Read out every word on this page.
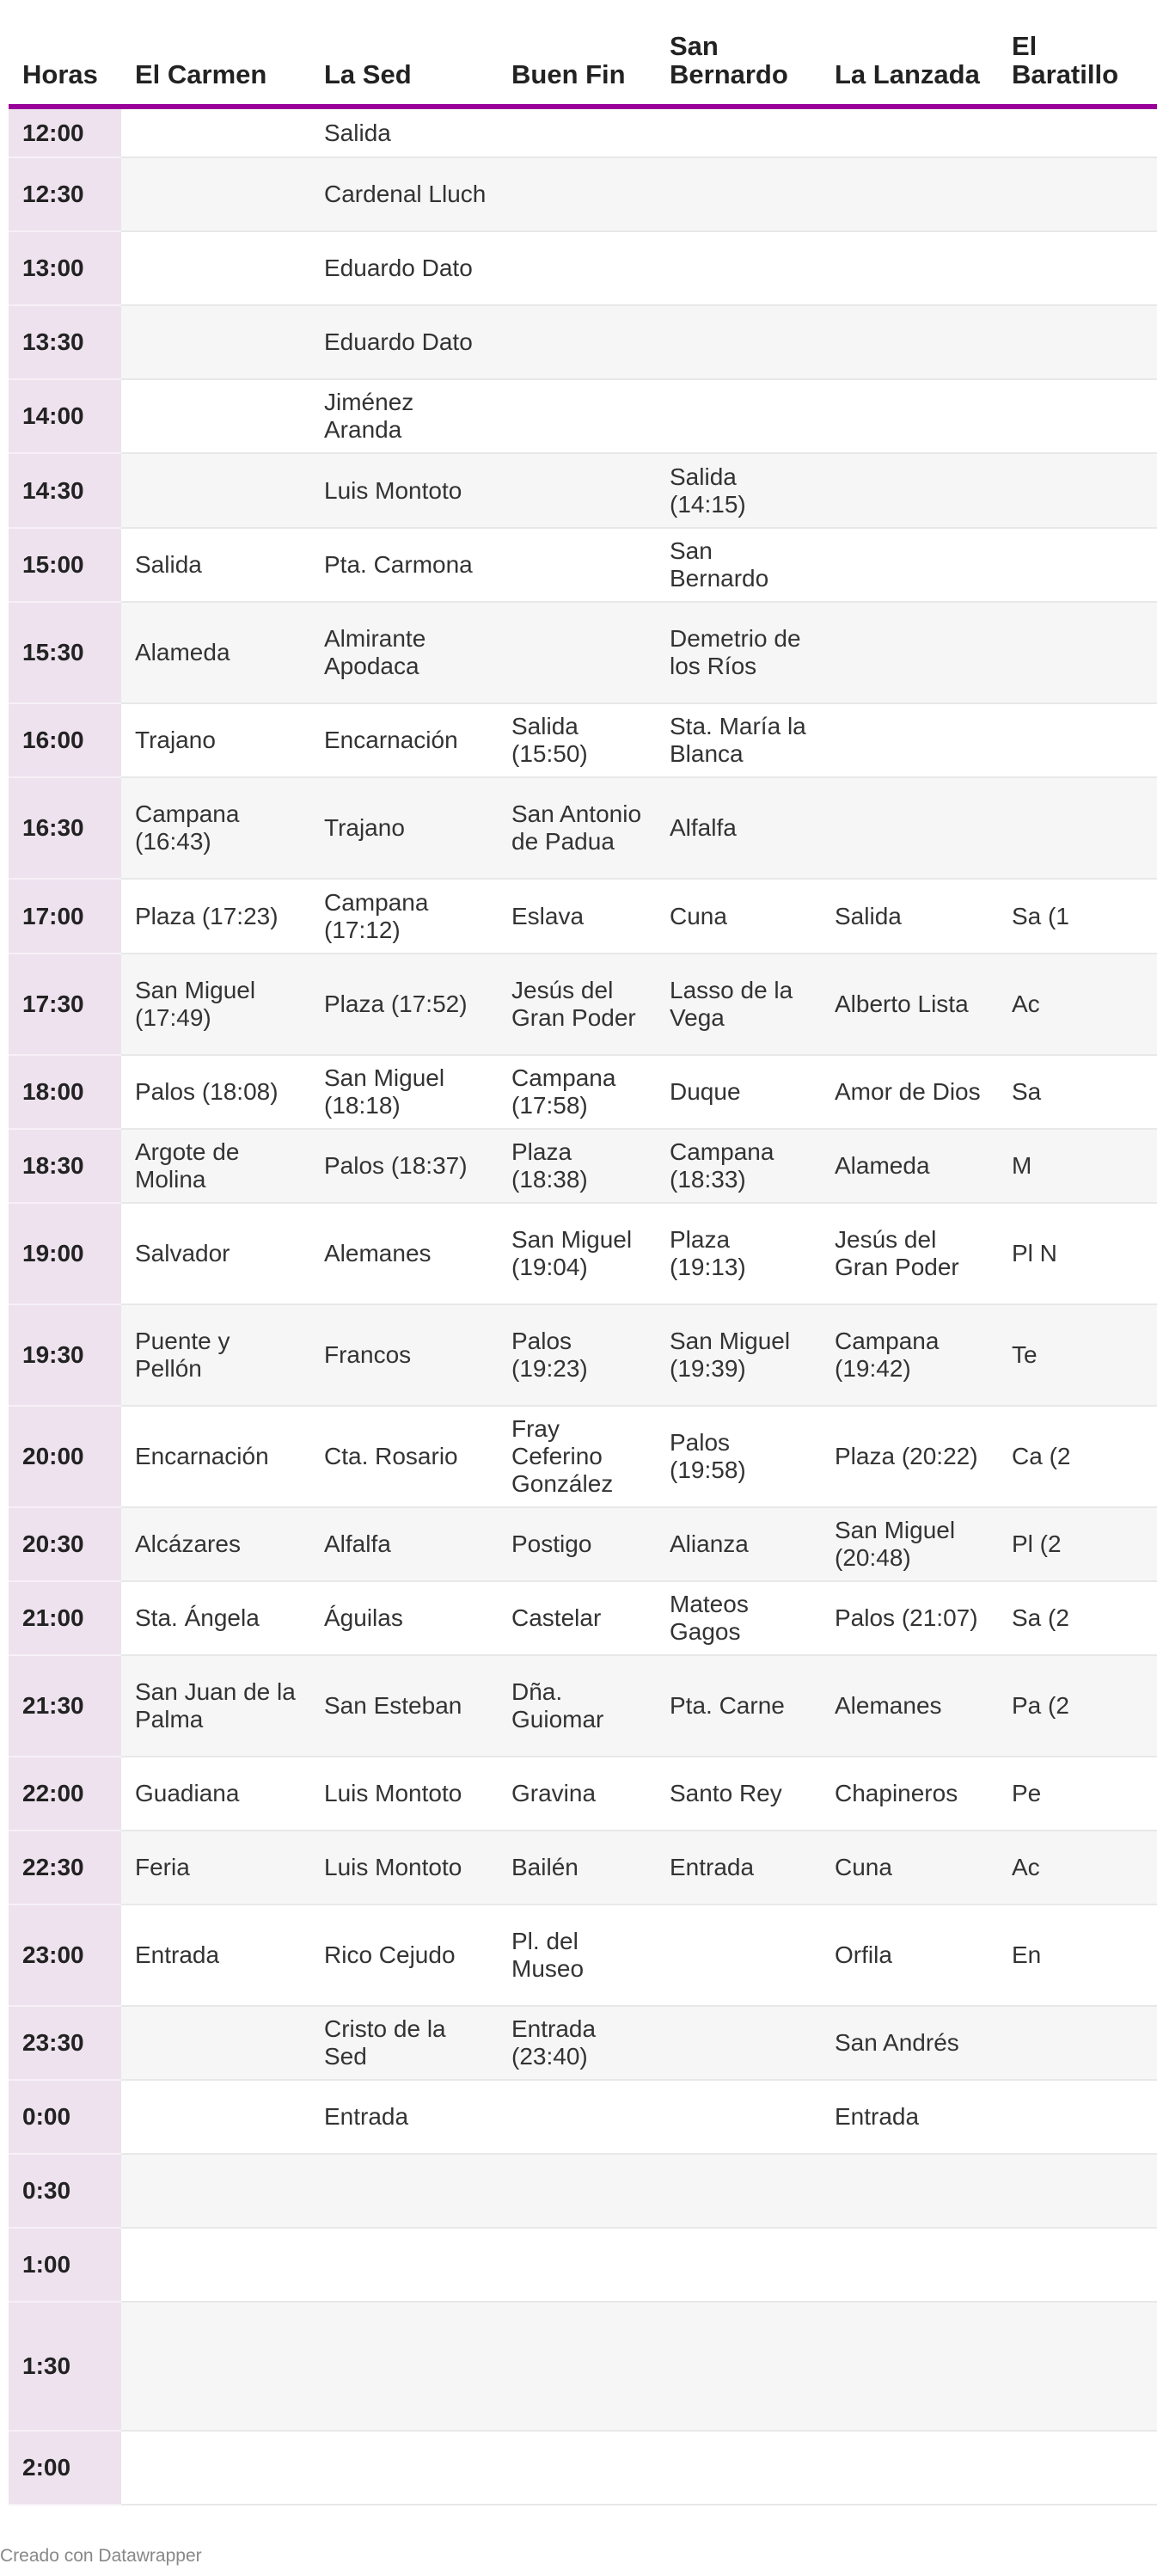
Horas	El Carmen	La Sed	Buen Fin	San Bernardo	La Lanzada	El Baratillo
12:00		Salida				
12:30		Cardenal Lluch				
13:00		Eduardo Dato				
13:30		Eduardo Dato				
14:00		Jiménez Aranda				
14:30		Luis Montoto		Salida (14:15)		
15:00	Salida	Pta. Carmona		San Bernardo		
15:30	Alameda	Almirante Apodaca		Demetrio de los Ríos		
16:00	Trajano	Encarnación	Salida (15:50)	Sta. María la Blanca		
16:30	Campana (16:43)	Trajano	San Antonio de Padua	Alfalfa		
17:00	Plaza (17:23)	Campana (17:12)	Eslava	Cuna	Salida	Sa (1
17:30	San Miguel (17:49)	Plaza (17:52)	Jesús del Gran Poder	Lasso de la Vega	Alberto Lista	Ac
18:00	Palos (18:08)	San Miguel (18:18)	Campana (17:58)	Duque	Amor de Dios	Sa
18:30	Argote de Molina	Palos (18:37)	Plaza (18:38)	Campana (18:33)	Alameda	M
19:00	Salvador	Alemanes	San Miguel (19:04)	Plaza (19:13)	Jesús del Gran Poder	Pl N
19:30	Puente y Pellón	Francos	Palos (19:23)	San Miguel (19:39)	Campana (19:42)	Te
20:00	Encarnación	Cta. Rosario	Fray Ceferino González	Palos (19:58)	Plaza (20:22)	Ca (2
20:30	Alcázares	Alfalfa	Postigo	Alianza	San Miguel (20:48)	Pl (2
21:00	Sta. Ángela	Águilas	Castelar	Mateos Gagos	Palos (21:07)	Sa (2
21:30	San Juan de la Palma	San Esteban	Dña. Guiomar	Pta. Carne	Alemanes	Pa (2
22:00	Guadiana	Luis Montoto	Gravina	Santo Rey	Chapineros	Pe
22:30	Feria	Luis Montoto	Bailén	Entrada	Cuna	Ac
23:00	Entrada	Rico Cejudo	Pl. del Museo		Orfila	En
23:30		Cristo de la Sed	Entrada (23:40)		San Andrés	
0:00		Entrada			Entrada	
0:30						
1:00						
1:30						
2:00						
Creado con Datawrapper
